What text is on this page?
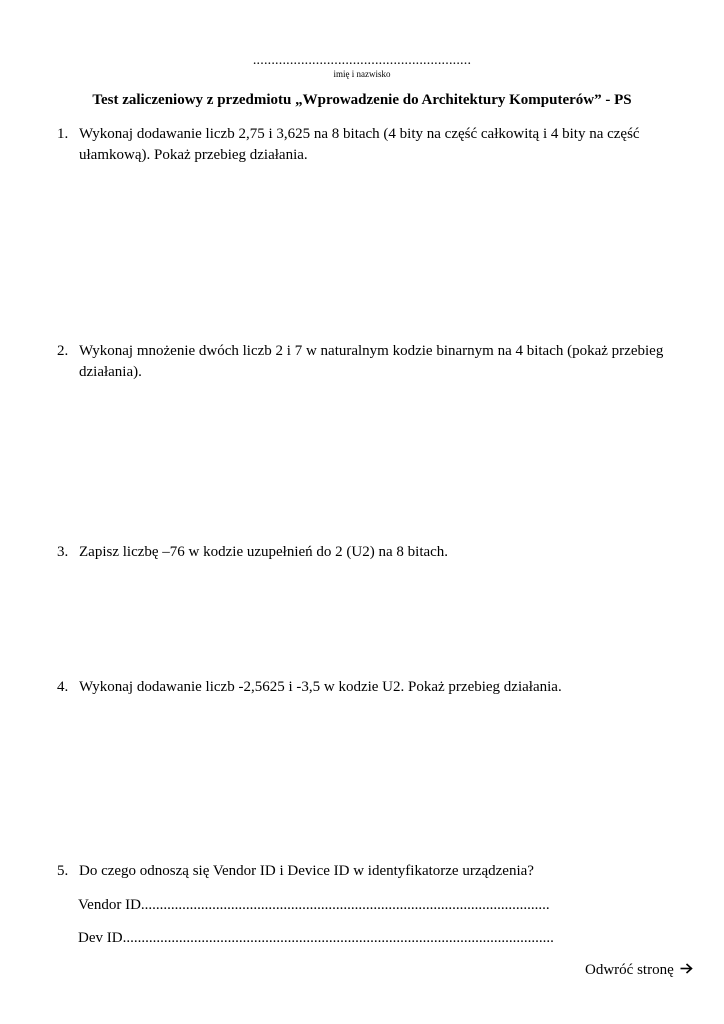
...........................................................
imię i nazwisko
Test zaliczeniowy z przedmiotu „Wprowadzenie do Architektury Komputerów” - PS
1. Wykonaj dodawanie liczb 2,75 i 3,625 na 8 bitach (4 bity na część całkowitą i 4 bity na część ułamkową). Pokaż przebieg działania.
2. Wykonaj mnożenie dwóch liczb 2 i 7 w naturalnym kodzie binarnym na 4 bitach (pokaż przebieg działania).
3. Zapisz liczbę –76 w kodzie uzupełnień do 2 (U2) na 8 bitach.
4. Wykonaj dodawanie liczb -2,5625 i -3,5 w kodzie U2. Pokaż przebieg działania.
5. Do czego odnoszą się Vendor ID i Device ID w identyfikatorze urządzenia?
Vendor ID.............................................................................................................
Dev ID...................................................................................................................
Odwróć stronę
